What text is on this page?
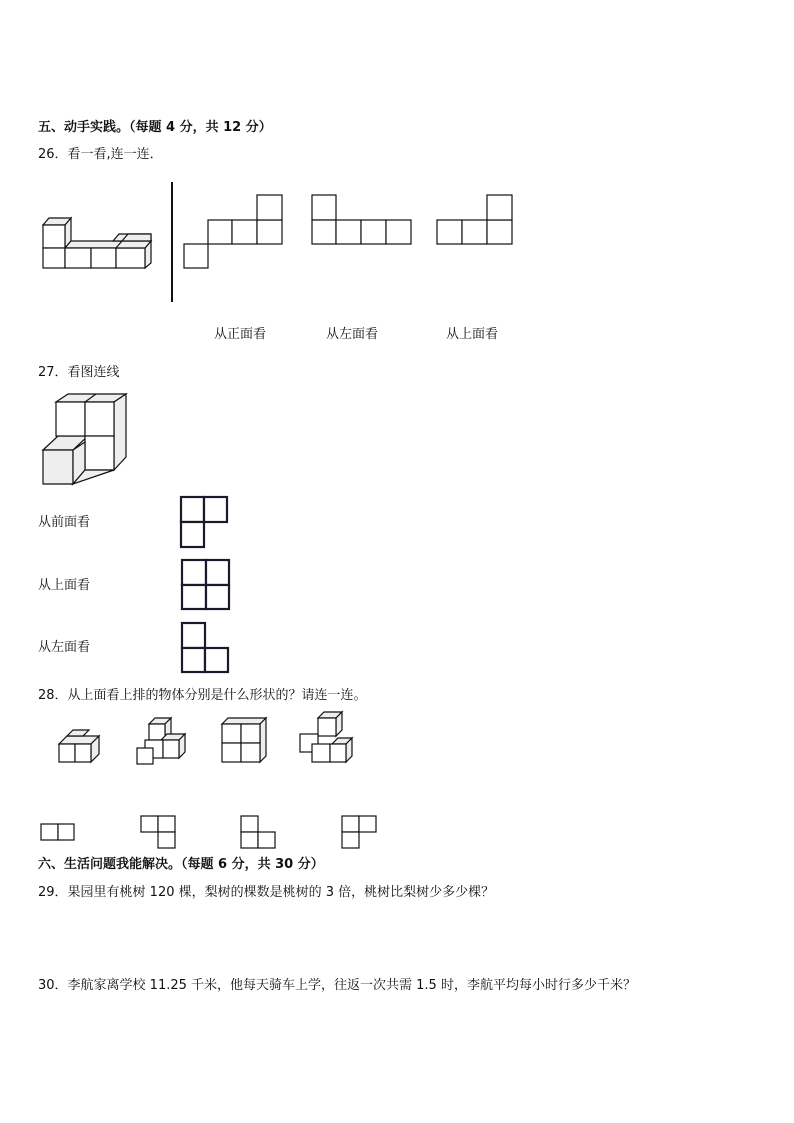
五、动手实践。（每题 4 分，共 12 分）
26．看一看,连一连．
从正面看	从左面看	从上面看
27．看图连线
从前面看
从上面看
从左面看
28．从上面看上排的物体分别是什么形状的？请连一连。
六、生活问题我能解决。（每题 6 分，共 30 分）
29．果园里有桃树 120 棵，梨树的棵数是桃树的 3 倍，桃树比梨树少多少棵？
30．李航家离学校 11.25 千米，他每天骑车上学，往返一次共需 1.5 时，李航平均每小时行多少千米？
